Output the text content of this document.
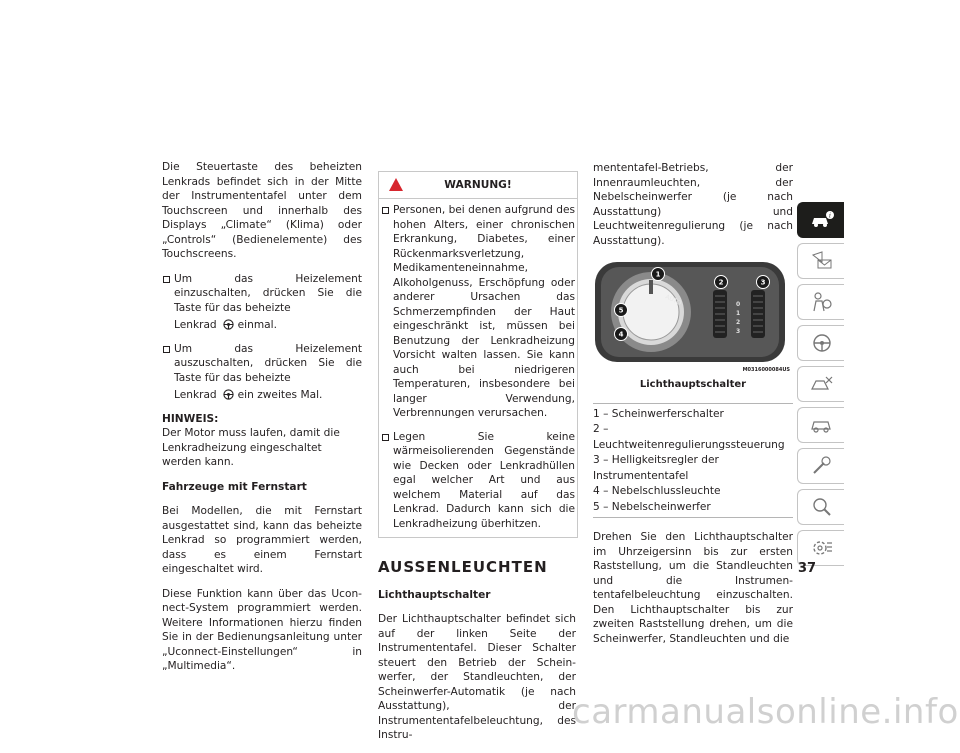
Die Steuertaste des beheizten Lenkrads befindet sich in der Mitte der Instrumententafel unter dem Touchscreen und innerhalb des Displays „Climate“ (Klima) oder „Controls“ (Bedienelemente) des Touchscreens.

Um das Heizelement einzuschalten, drücken Sie die Taste für das beheizte
Lenkrad einmal.
Um das Heizelement auszuschalten, drücken Sie die Taste für das beheizte
Lenkrad ein zweites Mal.
HINWEIS:

Der Motor muss laufen, damit die Lenkradheizung eingeschaltet werden kann.

Fahrzeuge mit Fernstart

Bei Modellen, die mit Fernstart ausgestattet sind, kann das beheizte Lenkrad so programmiert werden, dass es einem Fernstart eingeschaltet wird.

Diese Funktion kann über das Uconnect-System programmiert werden. Weitere Informationen hierzu finden Sie in der Bedienungsanleitung unter „Uconnect-Einstellungen“ in „Multimedia“.

WARNUNG!
Personen, bei denen aufgrund des hohen Alters, einer chronischen Erkrankung, Diabetes, einer Rückenmarksverletzung, Medikamenteneinnahme, Alkoholgenuss, Erschöpfung oder anderer Ursachen das Schmerzempfinden der Haut eingeschränkt ist, müssen bei Benutzung der Lenkradheizung Vorsicht walten lassen. Sie kann auch bei niedrigeren Temperaturen, insbesondere bei langer Verwendung, Verbrennungen verursachen.
Legen Sie keine wärmeisolierenden Gegenstände wie Decken oder Lenkradhüllen egal welcher Art und aus welchem Material auf das Lenkrad. Dadurch kann sich die Lenkradheizung überhitzen.
AUSSENLEUCHTEN

Lichthauptschalter

Der Lichthauptschalter befindet sich auf der linken Seite der Instrumententafel. Dieser Schalter steuert den Betrieb der Scheinwerfer, der Standleuchten, der Scheinwerfer-Automatik (je nach Ausstattung), der Instrumententafelbeleuchtung, des Instru-

mententafel-Betriebs, der Innenraumleuchten, der Nebelscheinwerfer (je nach Ausstattung) und Leuchtweitenregulierung (je nach Ausstattung).

AUTO	0
1
2
3
1
2	3
4
5
M0316000084US
Lichthauptschalter
1 – Scheinwerferschalter
2 – Leuchtweitenregulierungssteuerung
3 – Helligkeitsregler der Instrumententafel
4 – Nebelschlussleuchte
5 – Nebelscheinwerfer

Drehen Sie den Lichthauptschalter im Uhrzeigersinn bis zur ersten Raststellung, um die Standleuchten und die Instrumententafelbeleuchtung einzuschalten. Den Lichthauptschalter bis zur zweiten Raststellung drehen, um die Scheinwerfer, Standleuchten und die

i
37
carmanualsonline.info
